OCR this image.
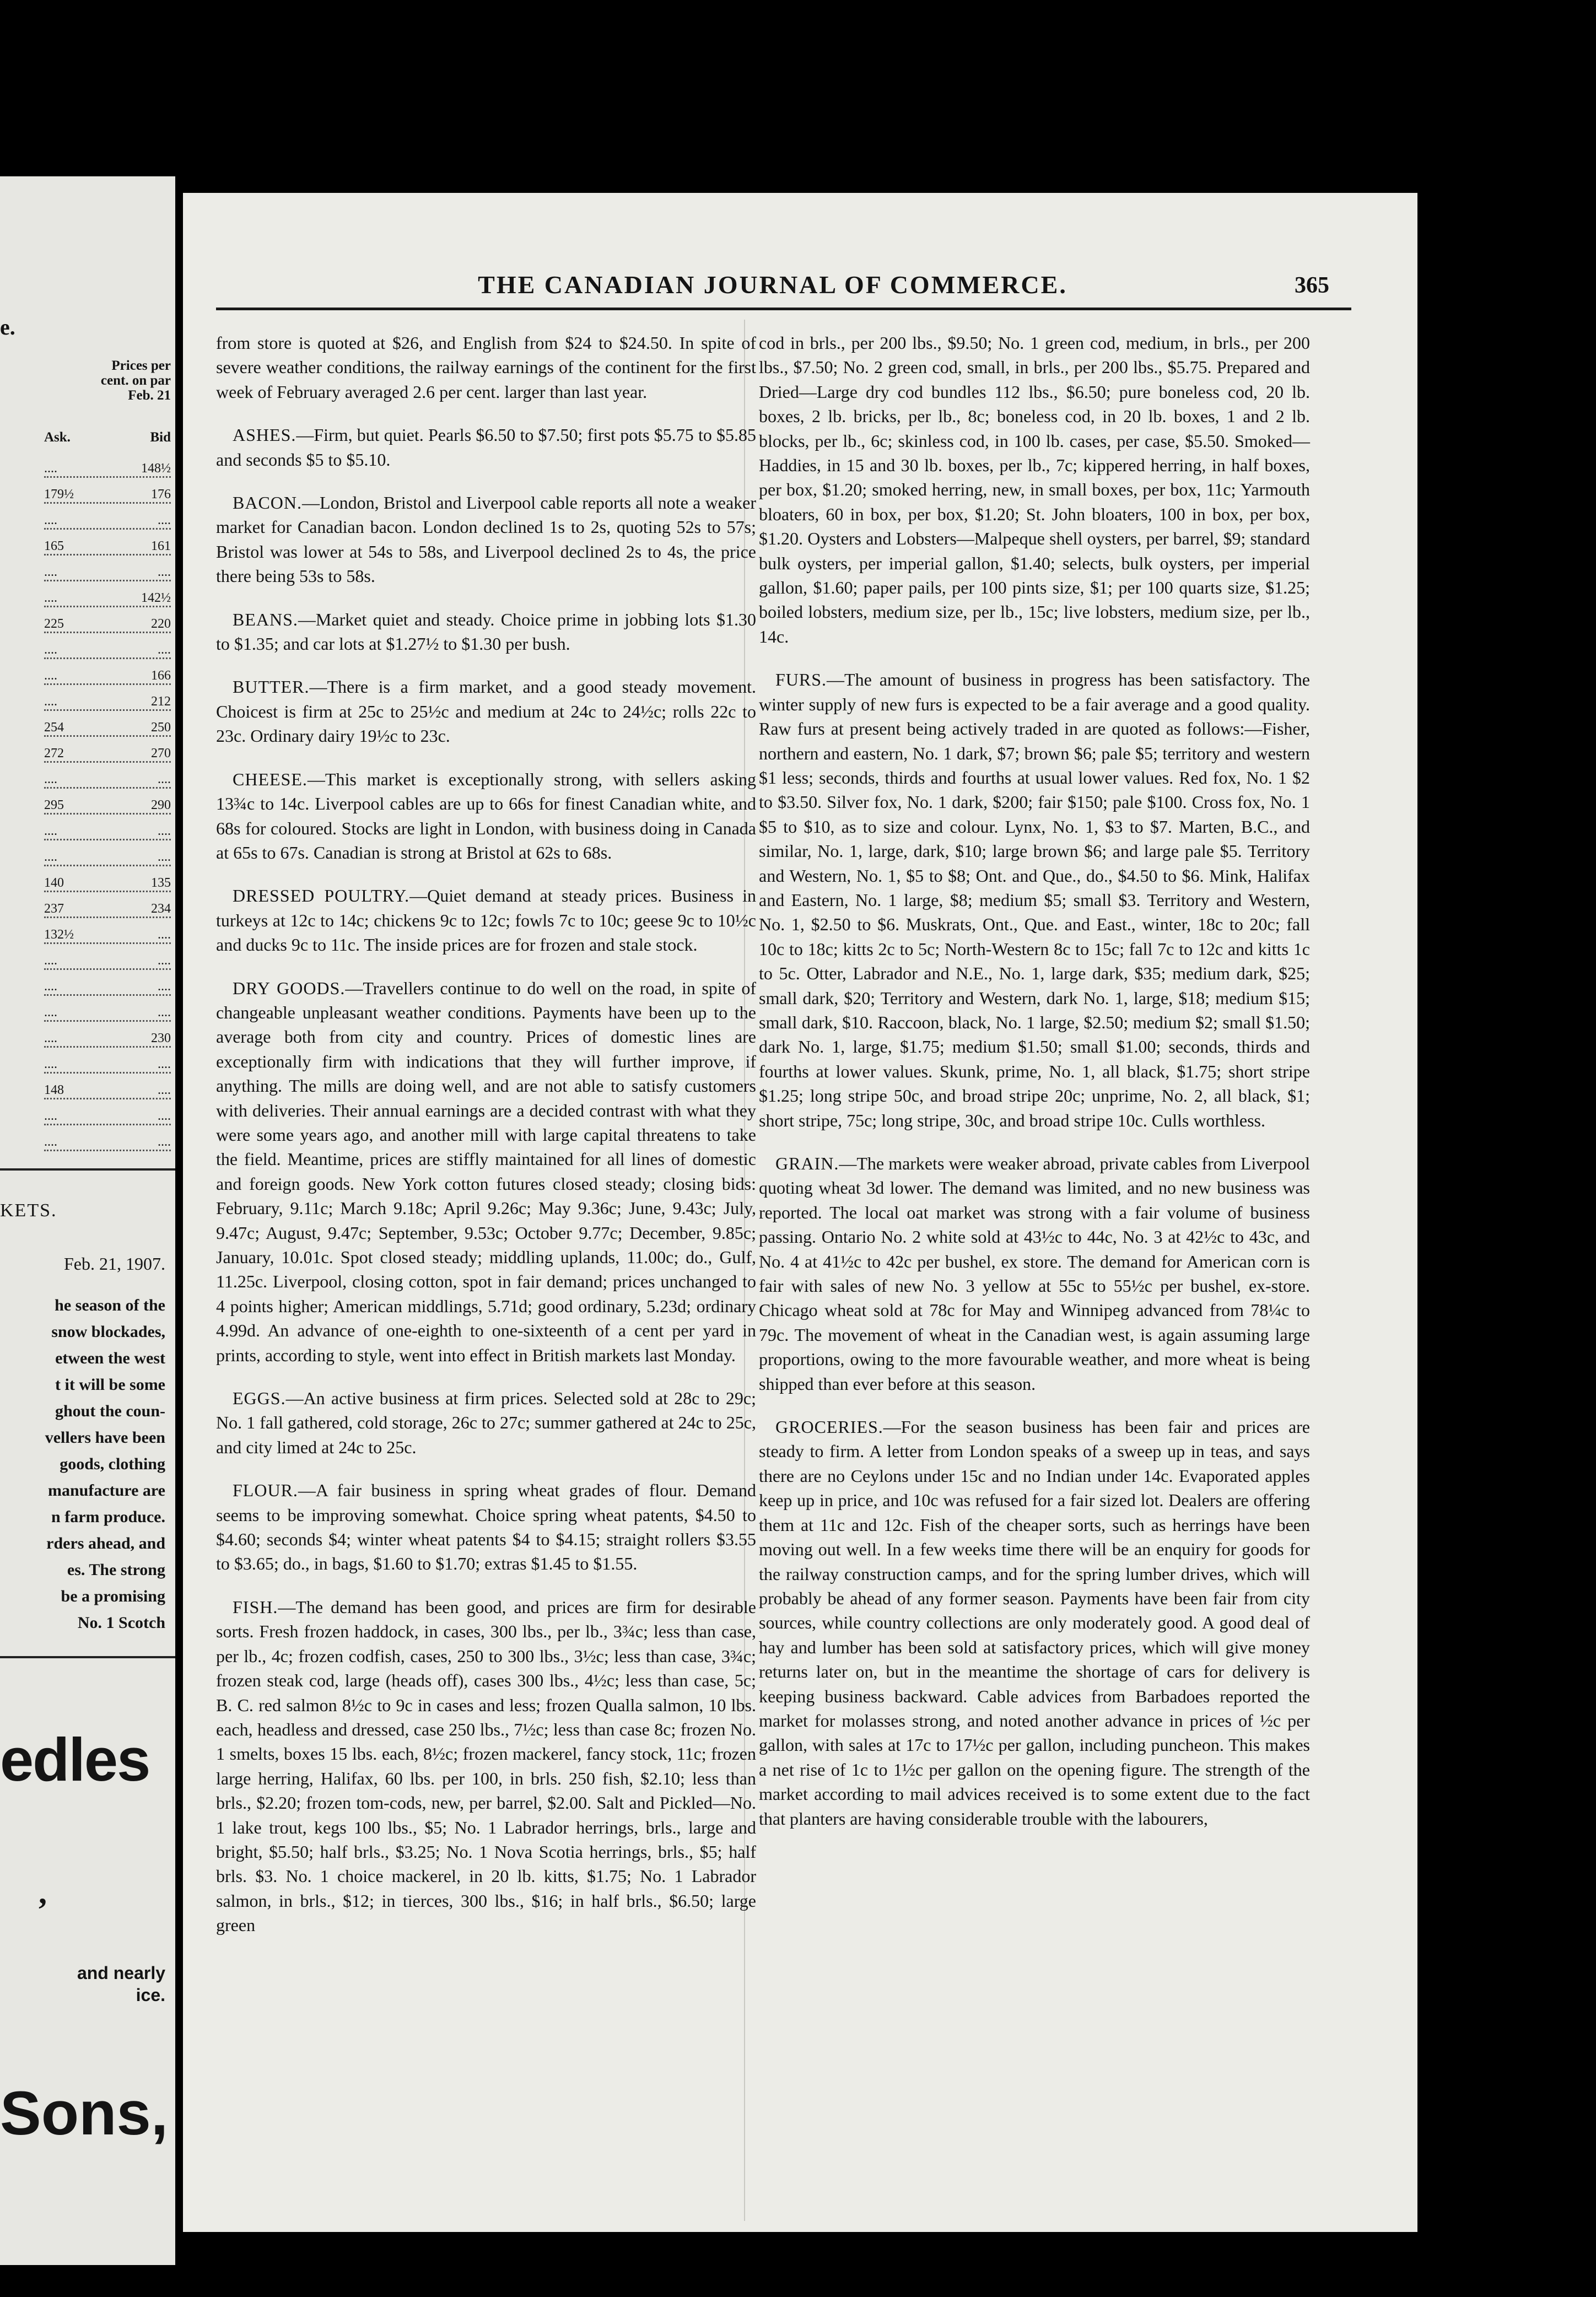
e.
Prices per
cent. on par
Feb. 21
Ask.	Bid
....	148½
179½	176
....	....
165	161
....	....
....	142½
225	220
....	....
....	166
....	212
254	250
272	270
....	....
295	290
....	....
....	....
140	135
237	234
132½	....
....	....
....	....
....	....
....	230
....	....
148	....
....	....
....	....
KETS.
Feb. 21, 1907.
he season of the
snow blockades,
etween the west
t it will be some
ghout the coun-
vellers have been
goods, clothing
manufacture are
n farm produce.
rders ahead, and
es. The strong
be a promising
No. 1 Scotch
edles
,
and nearly
ice.
Sons,
THE CANADIAN JOURNAL OF COMMERCE.	365

from store is quoted at $26, and English from $24 to $24.50. In spite of severe weather conditions, the railway earnings of the continent for the first week of February averaged 2.6 per cent. larger than last year.

ASHES.—Firm, but quiet. Pearls $6.50 to $7.50; first pots $5.75 to $5.85 and seconds $5 to $5.10.

BACON.—London, Bristol and Liverpool cable reports all note a weaker market for Canadian bacon. London declined 1s to 2s, quoting 52s to 57s; Bristol was lower at 54s to 58s, and Liverpool declined 2s to 4s, the price there being 53s to 58s.

BEANS.—Market quiet and steady. Choice prime in jobbing lots $1.30 to $1.35; and car lots at $1.27½ to $1.30 per bush.

BUTTER.—There is a firm market, and a good steady movement. Choicest is firm at 25c to 25½c and medium at 24c to 24½c; rolls 22c to 23c. Ordinary dairy 19½c to 23c.

CHEESE.—This market is exceptionally strong, with sellers asking 13¾c to 14c. Liverpool cables are up to 66s for finest Canadian white, and 68s for coloured. Stocks are light in London, with business doing in Canada at 65s to 67s. Canadian is strong at Bristol at 62s to 68s.

DRESSED POULTRY.—Quiet demand at steady prices. Business in turkeys at 12c to 14c; chickens 9c to 12c; fowls 7c to 10c; geese 9c to 10½c and ducks 9c to 11c. The inside prices are for frozen and stale stock.

DRY GOODS.—Travellers continue to do well on the road, in spite of changeable unpleasant weather conditions. Payments have been up to the average both from city and country. Prices of domestic lines are exceptionally firm with indications that they will further improve, if anything. The mills are doing well, and are not able to satisfy customers with deliveries. Their annual earnings are a decided contrast with what they were some years ago, and another mill with large capital threatens to take the field. Meantime, prices are stiffly maintained for all lines of domestic and foreign goods. New York cotton futures closed steady; closing bids: February, 9.11c; March 9.18c; April 9.26c; May 9.36c; June, 9.43c; July, 9.47c; August, 9.47c; September, 9.53c; October 9.77c; December, 9.85c; January, 10.01c. Spot closed steady; middling uplands, 11.00c; do., Gulf, 11.25c. Liverpool, closing cotton, spot in fair demand; prices unchanged to 4 points higher; American middlings, 5.71d; good ordinary, 5.23d; ordinary 4.99d. An advance of one-eighth to one-sixteenth of a cent per yard in prints, according to style, went into effect in British markets last Monday.

EGGS.—An active business at firm prices. Selected sold at 28c to 29c; No. 1 fall gathered, cold storage, 26c to 27c; summer gathered at 24c to 25c, and city limed at 24c to 25c.

FLOUR.—A fair business in spring wheat grades of flour. Demand seems to be improving somewhat. Choice spring wheat patents, $4.50 to $4.60; seconds $4; winter wheat patents $4 to $4.15; straight rollers $3.55 to $3.65; do., in bags, $1.60 to $1.70; extras $1.45 to $1.55.

FISH.—The demand has been good, and prices are firm for desirable sorts. Fresh frozen haddock, in cases, 300 lbs., per lb., 3¾c; less than case, per lb., 4c; frozen codfish, cases, 250 to 300 lbs., 3½c; less than case, 3¾c; frozen steak cod, large (heads off), cases 300 lbs., 4½c; less than case, 5c; B. C. red salmon 8½c to 9c in cases and less; frozen Qualla salmon, 10 lbs. each, headless and dressed, case 250 lbs., 7½c; less than case 8c; frozen No. 1 smelts, boxes 15 lbs. each, 8½c; frozen mackerel, fancy stock, 11c; frozen large herring, Halifax, 60 lbs. per 100, in brls. 250 fish, $2.10; less than brls., $2.20; frozen tom-cods, new, per barrel, $2.00. Salt and Pickled—No. 1 lake trout, kegs 100 lbs., $5; No. 1 Labrador herrings, brls., large and bright, $5.50; half brls., $3.25; No. 1 Nova Scotia herrings, brls., $5; half brls. $3. No. 1 choice mackerel, in 20 lb. kitts, $1.75; No. 1 Labrador salmon, in brls., $12; in tierces, 300 lbs., $16; in half brls., $6.50; large green

cod in brls., per 200 lbs., $9.50; No. 1 green cod, medium, in brls., per 200 lbs., $7.50; No. 2 green cod, small, in brls., per 200 lbs., $5.75. Prepared and Dried—Large dry cod bundles 112 lbs., $6.50; pure boneless cod, 20 lb. boxes, 2 lb. bricks, per lb., 8c; boneless cod, in 20 lb. boxes, 1 and 2 lb. blocks, per lb., 6c; skinless cod, in 100 lb. cases, per case, $5.50. Smoked—Haddies, in 15 and 30 lb. boxes, per lb., 7c; kippered herring, in half boxes, per box, $1.20; smoked herring, new, in small boxes, per box, 11c; Yarmouth bloaters, 60 in box, per box, $1.20; St. John bloaters, 100 in box, per box, $1.20. Oysters and Lobsters—Malpeque shell oysters, per barrel, $9; standard bulk oysters, per imperial gallon, $1.40; selects, bulk oysters, per imperial gallon, $1.60; paper pails, per 100 pints size, $1; per 100 quarts size, $1.25; boiled lobsters, medium size, per lb., 15c; live lobsters, medium size, per lb., 14c.

FURS.—The amount of business in progress has been satisfactory. The winter supply of new furs is expected to be a fair average and a good quality. Raw furs at present being actively traded in are quoted as follows:—Fisher, northern and eastern, No. 1 dark, $7; brown $6; pale $5; territory and western $1 less; seconds, thirds and fourths at usual lower values. Red fox, No. 1 $2 to $3.50. Silver fox, No. 1 dark, $200; fair $150; pale $100. Cross fox, No. 1 $5 to $10, as to size and colour. Lynx, No. 1, $3 to $7. Marten, B.C., and similar, No. 1, large, dark, $10; large brown $6; and large pale $5. Territory and Western, No. 1, $5 to $8; Ont. and Que., do., $4.50 to $6. Mink, Halifax and Eastern, No. 1 large, $8; medium $5; small $3. Territory and Western, No. 1, $2.50 to $6. Muskrats, Ont., Que. and East., winter, 18c to 20c; fall 10c to 18c; kitts 2c to 5c; North-Western 8c to 15c; fall 7c to 12c and kitts 1c to 5c. Otter, Labrador and N.E., No. 1, large dark, $35; medium dark, $25; small dark, $20; Territory and Western, dark No. 1, large, $18; medium $15; small dark, $10. Raccoon, black, No. 1 large, $2.50; medium $2; small $1.50; dark No. 1, large, $1.75; medium $1.50; small $1.00; seconds, thirds and fourths at lower values. Skunk, prime, No. 1, all black, $1.75; short stripe $1.25; long stripe 50c, and broad stripe 20c; unprime, No. 2, all black, $1; short stripe, 75c; long stripe, 30c, and broad stripe 10c. Culls worthless.

GRAIN.—The markets were weaker abroad, private cables from Liverpool quoting wheat 3d lower. The demand was limited, and no new business was reported. The local oat market was strong with a fair volume of business passing. Ontario No. 2 white sold at 43½c to 44c, No. 3 at 42½c to 43c, and No. 4 at 41½c to 42c per bushel, ex store. The demand for American corn is fair with sales of new No. 3 yellow at 55c to 55½c per bushel, ex-store. Chicago wheat sold at 78c for May and Winnipeg advanced from 78¼c to 79c. The movement of wheat in the Canadian west, is again assuming large proportions, owing to the more favourable weather, and more wheat is being shipped than ever before at this season.

GROCERIES.—For the season business has been fair and prices are steady to firm. A letter from London speaks of a sweep up in teas, and says there are no Ceylons under 15c and no Indian under 14c. Evaporated apples keep up in price, and 10c was refused for a fair sized lot. Dealers are offering them at 11c and 12c. Fish of the cheaper sorts, such as herrings have been moving out well. In a few weeks time there will be an enquiry for goods for the railway construction camps, and for the spring lumber drives, which will probably be ahead of any former season. Payments have been fair from city sources, while country collections are only moderately good. A good deal of hay and lumber has been sold at satisfactory prices, which will give money returns later on, but in the meantime the shortage of cars for delivery is keeping business backward. Cable advices from Barbadoes reported the market for molasses strong, and noted another advance in prices of ½c per gallon, with sales at 17c to 17½c per gallon, including puncheon. This makes a net rise of 1c to 1½c per gallon on the opening figure. The strength of the market according to mail advices received is to some extent due to the fact that planters are having considerable trouble with the labourers,
